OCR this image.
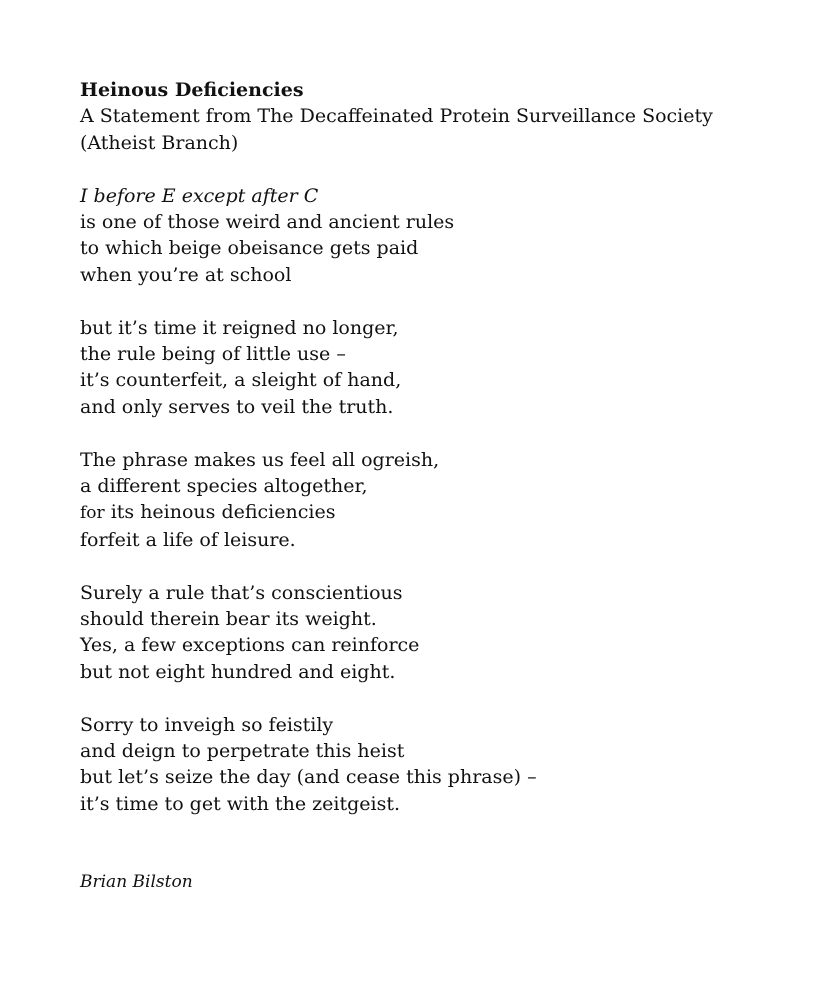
Heinous Deficiencies

A Statement from The Decaffeinated Protein Surveillance Society

(Atheist Branch)

I before E except after C

is one of those weird and ancient rules

to which beige obeisance gets paid

when you’re at school

but it’s time it reigned no longer,

the rule being of little use –

it’s counterfeit, a sleight of hand,

and only serves to veil the truth.

The phrase makes us feel all ogreish,

a different species altogether,

for its heinous deficiencies

forfeit a life of leisure.

Surely a rule that’s conscientious

should therein bear its weight.

Yes, a few exceptions can reinforce

but not eight hundred and eight.

Sorry to inveigh so feistily

and deign to perpetrate this heist

but let’s seize the day (and cease this phrase) –

it’s time to get with the zeitgeist.

Brian Bilston
